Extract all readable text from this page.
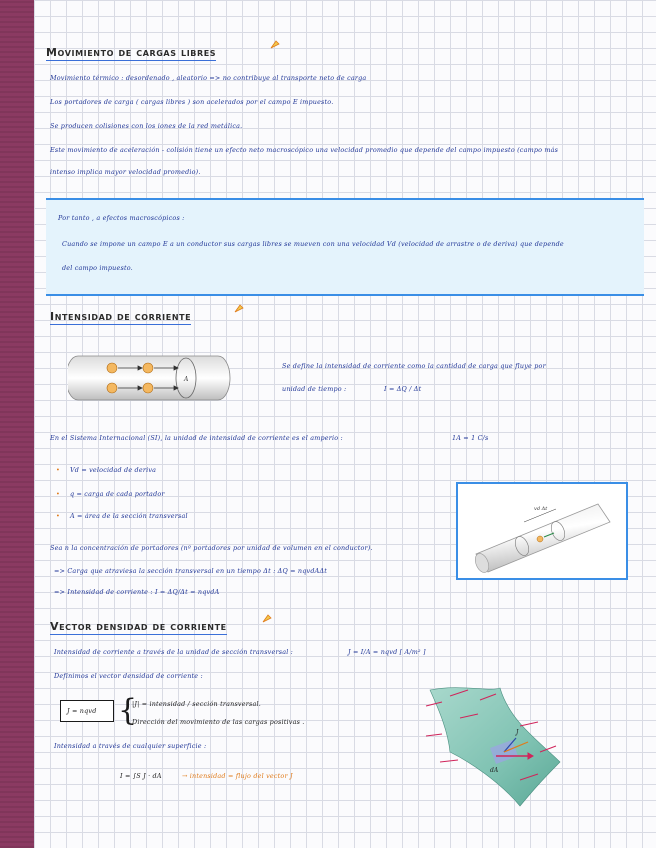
Movimiento de cargas libres
Movimiento térmico : desordenado , aleatorio => no contribuye al transporte neto de carga
Los portadores de carga ( cargas libres ) son acelerados por el campo E impuesto.
Se producen colisiones con los iones de la red metálica.
Este movimiento de aceleración - colisión tiene un efecto neto macroscópico una velocidad promedio que depende del campo impuesto (campo más
intenso implica mayor velocidad promedio).
Por tanto , a efectos macroscópicos :
Cuando se impone un campo E a un conductor sus cargas libres se mueven con una velocidad Vd (velocidad de arrastre o de deriva) que depende
del campo impuesto.
Intensidad de corriente
A
Se define la intensidad de corriente como la cantidad de carga que fluye por
unidad de tiempo :	I = ΔQ / Δt
En el Sistema Internacional (SI), la unidad de intensidad de corriente es el amperio :	1A = 1 C/s
• Vd = velocidad de deriva
• q = carga de cada portador
• A = área de la sección transversal
vd Δt
Sea n la concentración de portadores (nº portadores por unidad de volumen en el conductor).
=> Carga que atraviesa la sección transversal en un tiempo Δt : ΔQ = nqvdAΔt
=> Intensidad de corriente : I = ΔQ/Δt = nqvdA
Vector densidad de corriente
Intensidad de corriente a través de la unidad de sección transversal :	J = I/A = nqvd [ A/m² ]
Definimos el vector densidad de corriente :
J = nqvd {
|J| = intensidad / sección transversal.
Dirección del movimiento de las cargas positivas .
Intensidad a través de cualquier superficie :
I = ∫S J · dA	→ intensidad = flujo del vector J
dA
J
